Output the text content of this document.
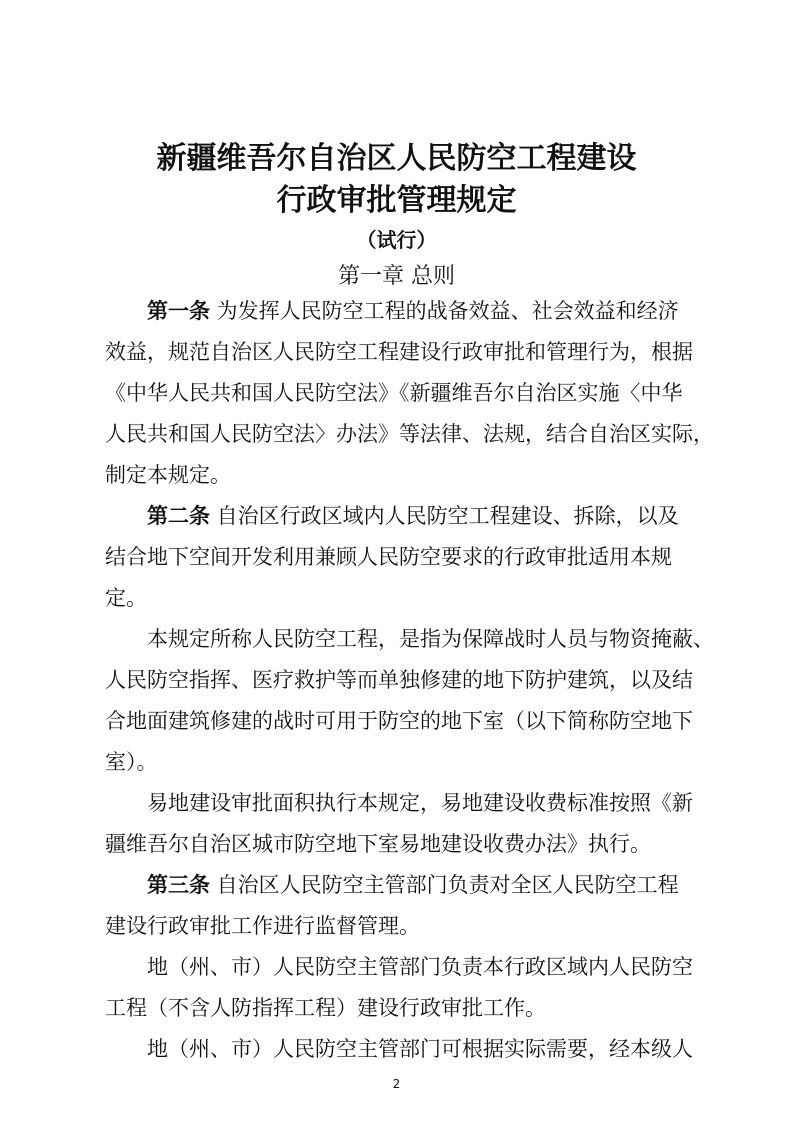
新疆维吾尔自治区人民防空工程建设
行政审批管理规定
（试行）
第一章 总则
第一条 为发挥人民防空工程的战备效益、社会效益和经济
效益，规范自治区人民防空工程建设行政审批和管理行为，根据
《中华人民共和国人民防空法》《新疆维吾尔自治区实施〈中华
人民共和国人民防空法〉办法》等法律、法规，结合自治区实际，
制定本规定。
第二条 自治区行政区域内人民防空工程建设、拆除，以及
结合地下空间开发利用兼顾人民防空要求的行政审批适用本规
定。
本规定所称人民防空工程，是指为保障战时人员与物资掩蔽、
人民防空指挥、医疗救护等而单独修建的地下防护建筑，以及结
合地面建筑修建的战时可用于防空的地下室（以下简称防空地下
室）。
易地建设审批面积执行本规定，易地建设收费标准按照《新
疆维吾尔自治区城市防空地下室易地建设收费办法》执行。
第三条 自治区人民防空主管部门负责对全区人民防空工程
建设行政审批工作进行监督管理。
地（州、市）人民防空主管部门负责本行政区域内人民防空
工程（不含人防指挥工程）建设行政审批工作。
地（州、市）人民防空主管部门可根据实际需要，经本级人
2
